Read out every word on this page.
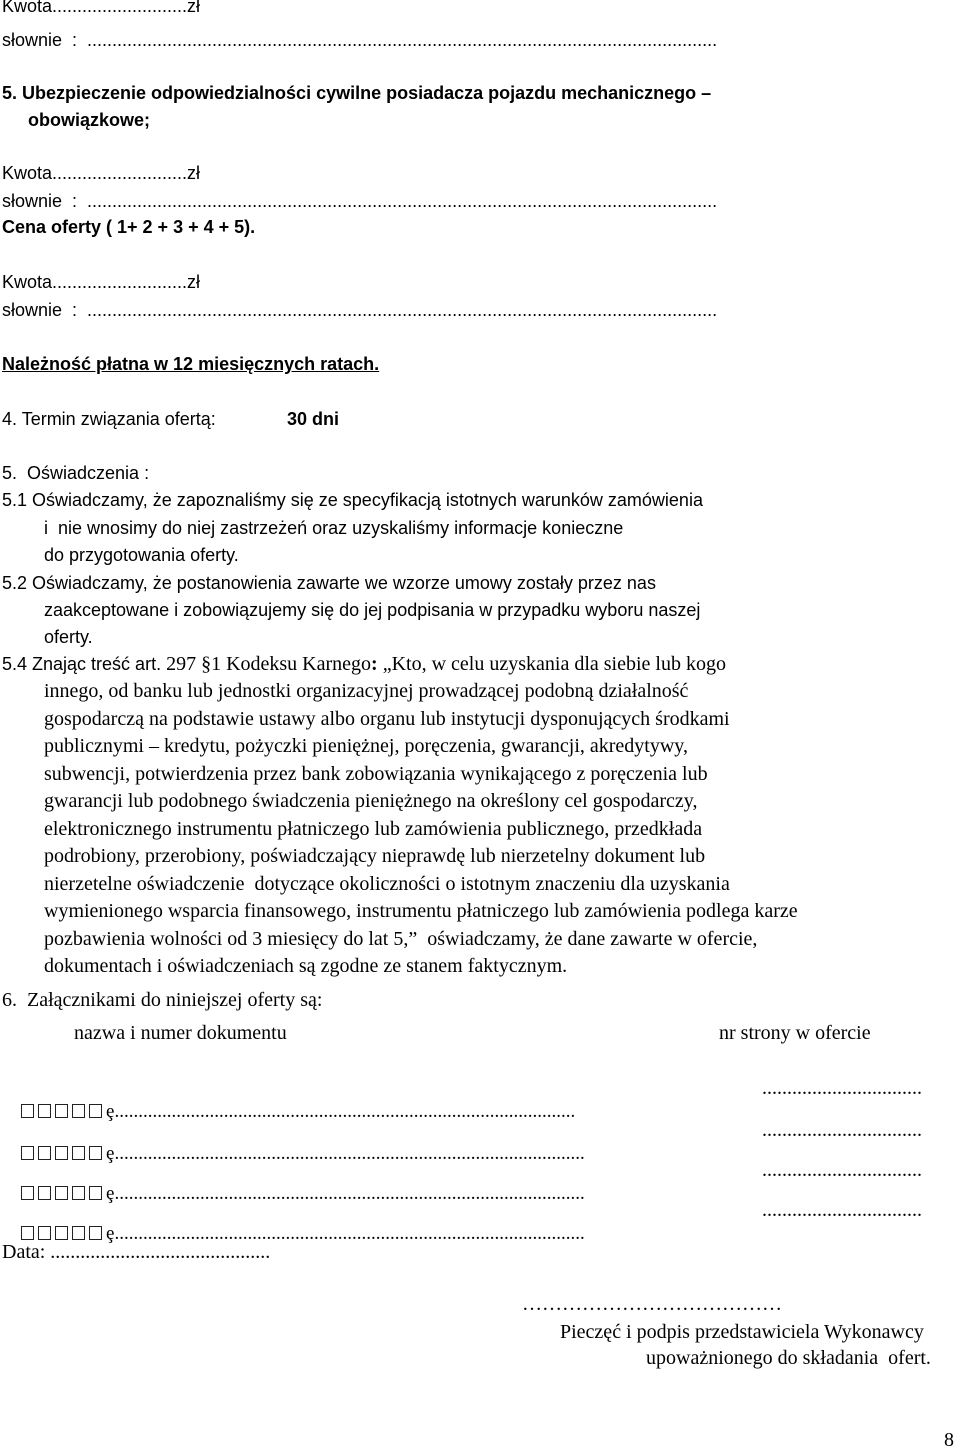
Kwota...........................zł
słownie  :  ..............................................................................................................................
5. Ubezpieczenie odpowiedzialności cywilne posiadacza pojazdu mechanicznego –
obowiązkowe;
Kwota...........................zł
słownie  :  ..............................................................................................................................
Cena oferty ( 1+ 2 + 3 + 4 + 5).
Kwota...........................zł
słownie  :  ..............................................................................................................................
Należność płatna w 12 miesięcznych ratach.
4. Termin związania ofertą:	30 dni
5.  Oświadczenia :
5.1 Oświadczamy, że zapoznaliśmy się ze specyfikacją istotnych warunków zamówienia
i  nie wnosimy do niej zastrzeżeń oraz uzyskaliśmy informacje konieczne
do przygotowania oferty.
5.2 Oświadczamy, że postanowienia zawarte we wzorze umowy zostały przez nas
zaakceptowane i zobowiązujemy się do jej podpisania w przypadku wyboru naszej
oferty.
5.4 Znając treść art. 297 §1 Kodeksu Karnego: „Kto, w celu uzyskania dla siebie lub kogo
innego, od banku lub jednostki organizacyjnej prowadzącej podobną działalność
gospodarczą na podstawie ustawy albo organu lub instytucji dysponujących środkami
publicznymi – kredytu, pożyczki pieniężnej, poręczenia, gwarancji, akredytywy,
subwencji, potwierdzenia przez bank zobowiązania wynikającego z poręczenia lub
gwarancji lub podobnego świadczenia pieniężnego na określony cel gospodarczy,
elektronicznego instrumentu płatniczego lub zamówienia publicznego, przedkłada
podrobiony, przerobiony, poświadczający nieprawdę lub nierzetelny dokument lub
nierzetelne oświadczenie  dotyczące okoliczności o istotnym znaczeniu dla uzyskania
wymienionego wsparcia finansowego, instrumentu płatniczego lub zamówienia podlega karze
pozbawienia wolności od 3 miesięcy do lat 5,”  oświadczamy, że dane zawarte w ofercie,
dokumentach i oświadczeniach są zgodne ze stanem faktycznym.
6.  Załącznikami do niniejszej oferty są:
nazwa i numer dokumentu	nr strony w ofercie

ȩ.................................................................................................

................................

ȩ...................................................................................................

................................

ȩ...................................................................................................

................................

ȩ...................................................................................................

................................
Data: ............................................
…………………………………
Pieczęć i podpis przedstawiciela Wykonawcy
upoważnionego do składania  ofert.
8
